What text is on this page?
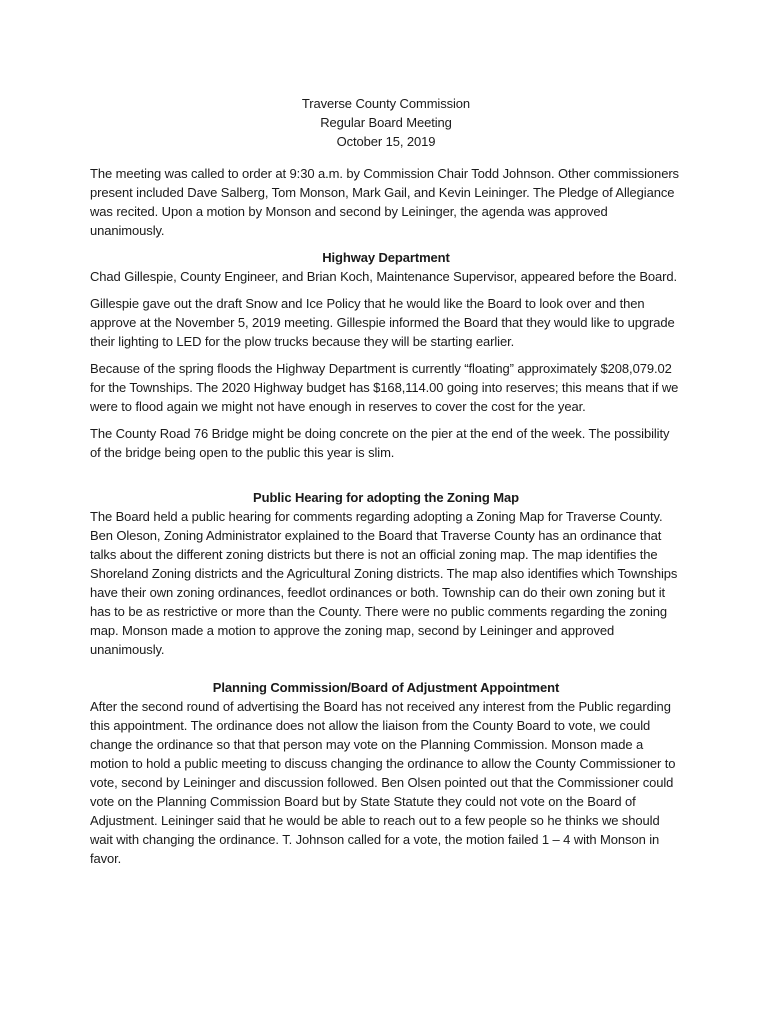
Traverse County Commission
Regular Board Meeting
October 15, 2019

The meeting was called to order at 9:30 a.m. by Commission Chair Todd Johnson. Other commissioners present included Dave Salberg, Tom Monson, Mark Gail, and Kevin Leininger. The Pledge of Allegiance was recited. Upon a motion by Monson and second by Leininger, the agenda was approved unanimously.

Highway Department

Chad Gillespie, County Engineer, and Brian Koch, Maintenance Supervisor, appeared before the Board.

Gillespie gave out the draft Snow and Ice Policy that he would like the Board to look over and then approve at the November 5, 2019 meeting. Gillespie informed the Board that they would like to upgrade their lighting to LED for the plow trucks because they will be starting earlier.

Because of the spring floods the Highway Department is currently “floating” approximately $208,079.02 for the Townships. The 2020 Highway budget has $168,114.00 going into reserves; this means that if we were to flood again we might not have enough in reserves to cover the cost for the year.

The County Road 76 Bridge might be doing concrete on the pier at the end of the week. The possibility of the bridge being open to the public this year is slim.

Public Hearing for adopting the Zoning Map

The Board held a public hearing for comments regarding adopting a Zoning Map for Traverse County. Ben Oleson, Zoning Administrator explained to the Board that Traverse County has an ordinance that talks about the different zoning districts but there is not an official zoning map. The map identifies the Shoreland Zoning districts and the Agricultural Zoning districts. The map also identifies which Townships have their own zoning ordinances, feedlot ordinances or both. Township can do their own zoning but it has to be as restrictive or more than the County. There were no public comments regarding the zoning map. Monson made a motion to approve the zoning map, second by Leininger and approved unanimously.

Planning Commission/Board of Adjustment Appointment

After the second round of advertising the Board has not received any interest from the Public regarding this appointment. The ordinance does not allow the liaison from the County Board to vote, we could change the ordinance so that that person may vote on the Planning Commission. Monson made a motion to hold a public meeting to discuss changing the ordinance to allow the County Commissioner to vote, second by Leininger and discussion followed. Ben Olsen pointed out that the Commissioner could vote on the Planning Commission Board but by State Statute they could not vote on the Board of Adjustment. Leininger said that he would be able to reach out to a few people so he thinks we should wait with changing the ordinance. T. Johnson called for a vote, the motion failed 1 – 4 with Monson in favor.
